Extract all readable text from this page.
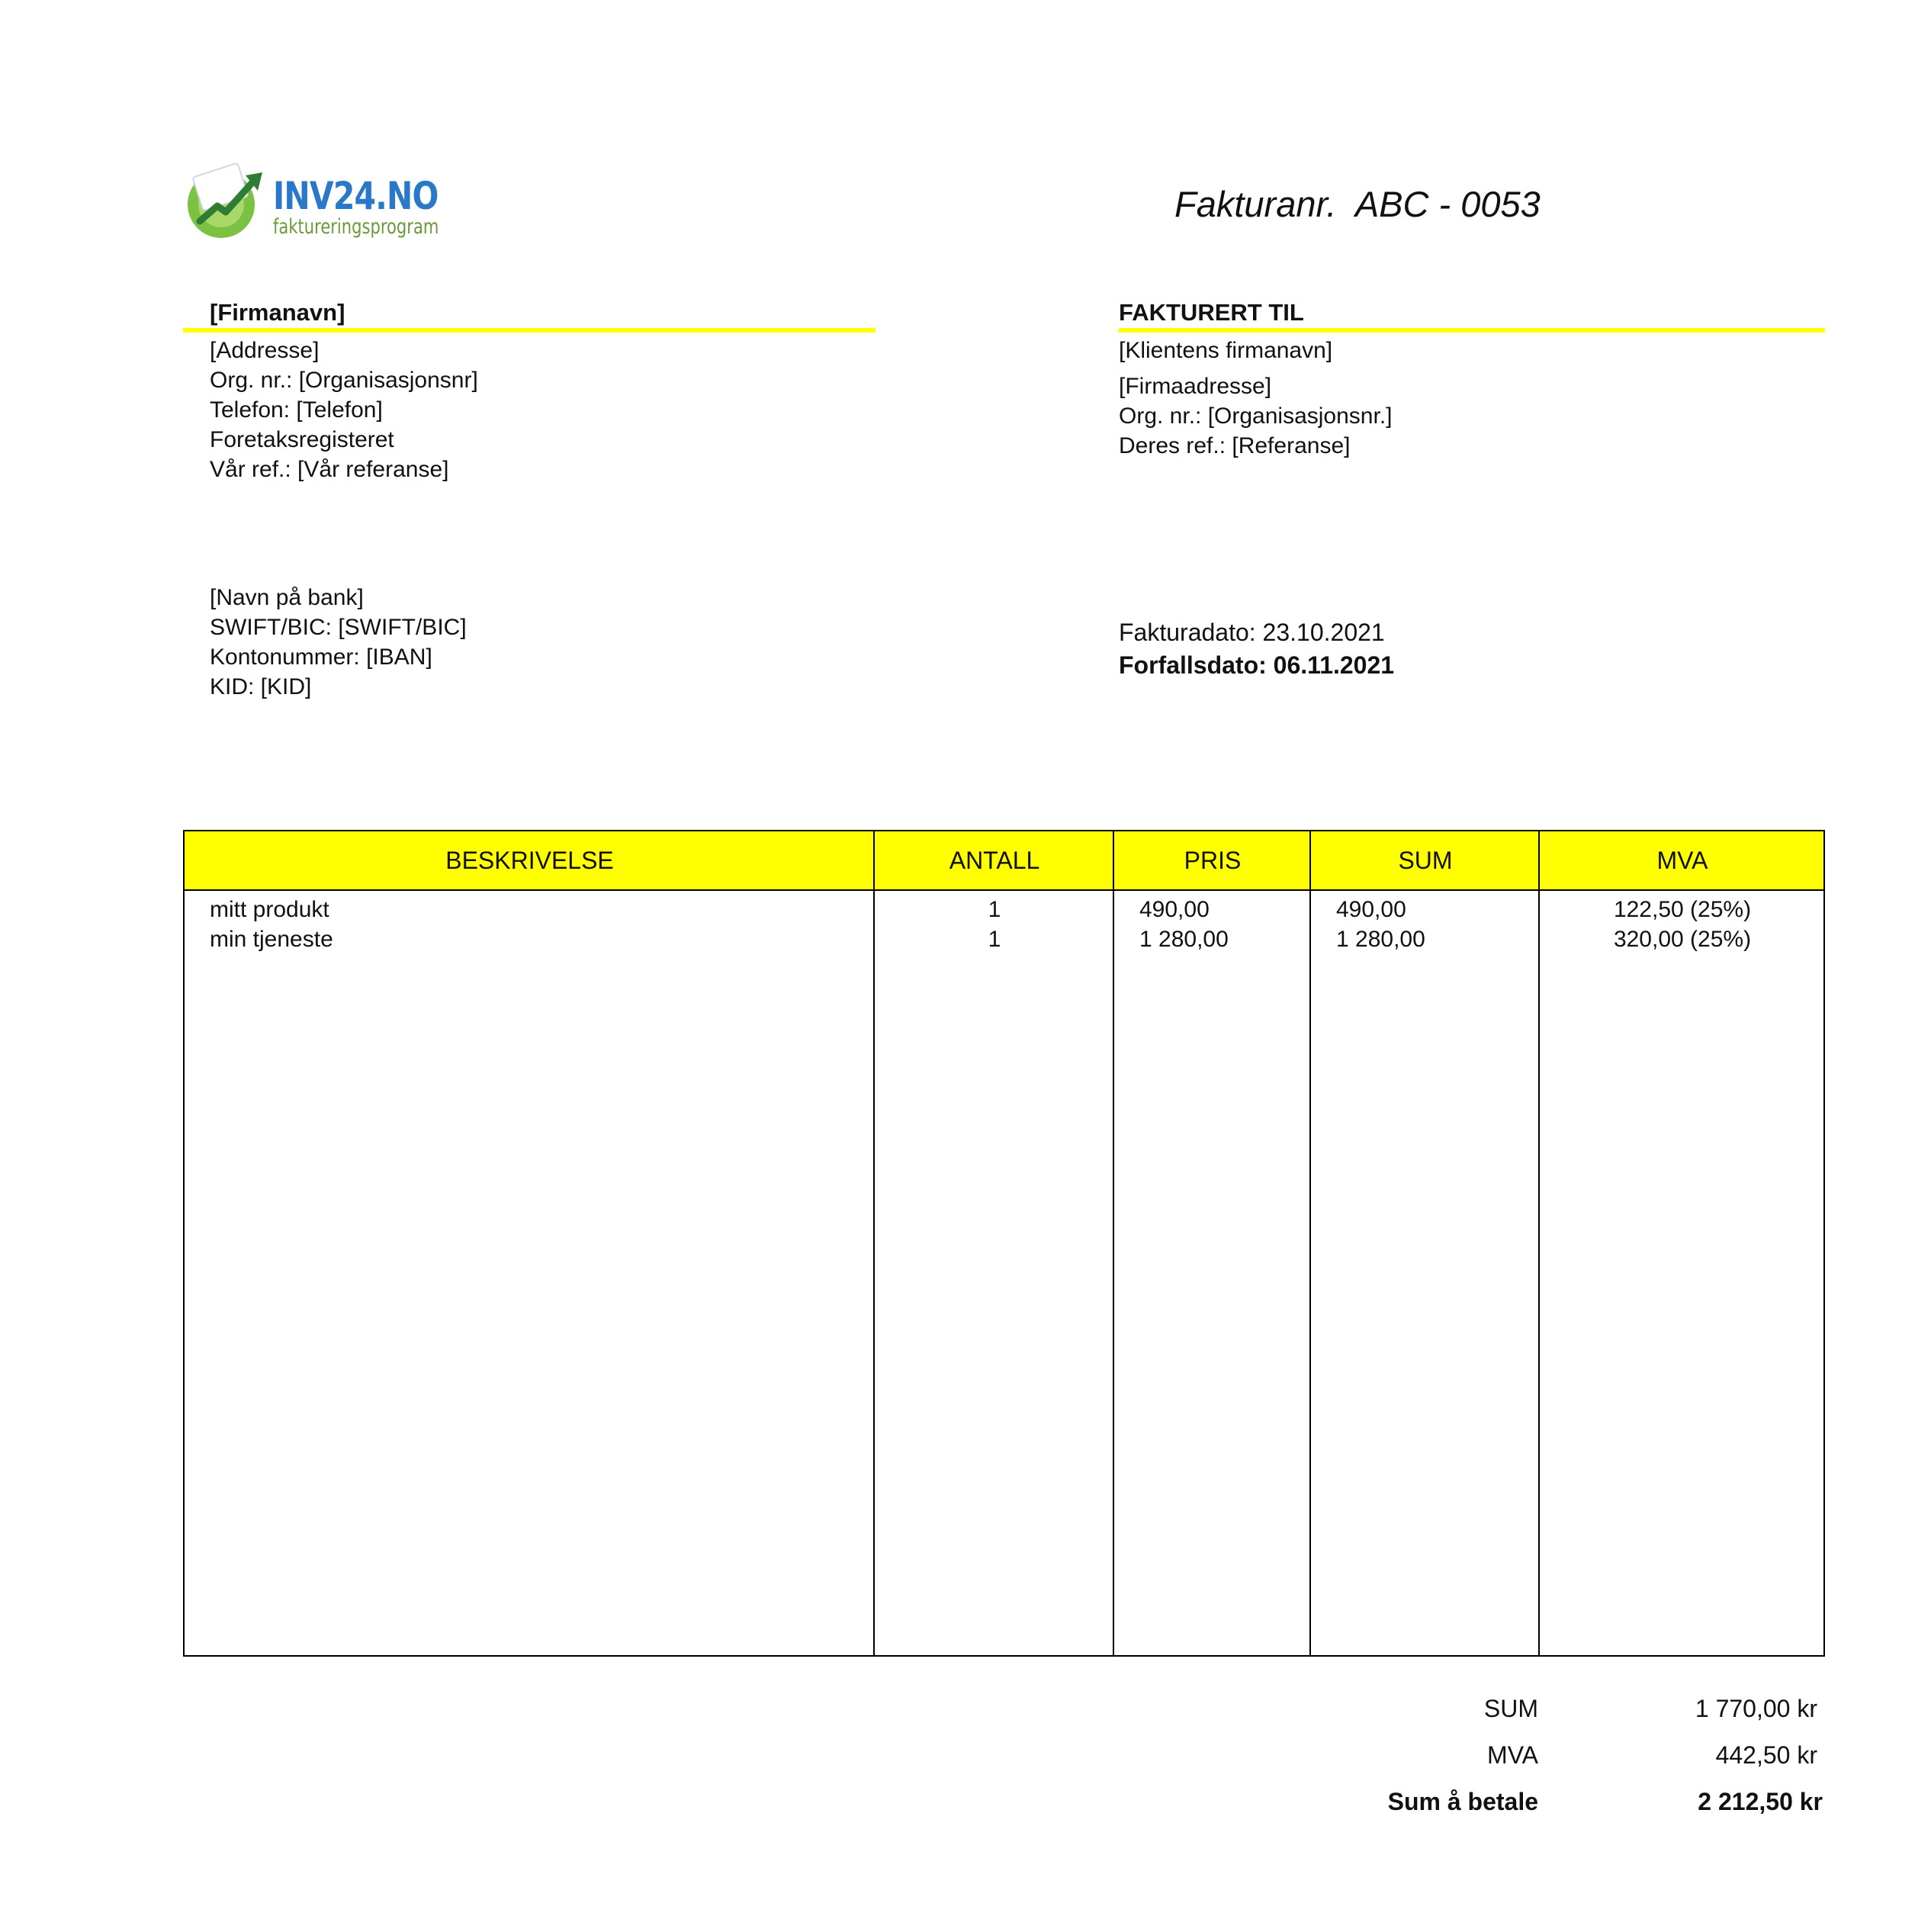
INV24.NO
faktureringsprogram
Fakturanr.  ABC - 0053
[Firmanavn]
[Addresse]
Org. nr.: [Organisasjonsnr]
Telefon: [Telefon]
Foretaksregisteret
Vår ref.: [Vår referanse]
FAKTURERT TIL
[Klientens firmanavn]
[Firmaadresse]
Org. nr.: [Organisasjonsnr.]
Deres ref.: [Referanse]
[Navn på bank]
SWIFT/BIC: [SWIFT/BIC]
Kontonummer: [IBAN]
KID: [KID]
Fakturadato: 23.10.2021
Forfallsdato: 06.11.2021
BESKRIVELSE	ANTALL	PRIS	SUM	MVA
mitt produkt	1	490,00	490,00	122,50 (25%)
min tjeneste	1	1 280,00	1 280,00	320,00 (25%)
SUM	1 770,00 kr
MVA	442,50 kr
Sum å betale	2 212,50 kr
